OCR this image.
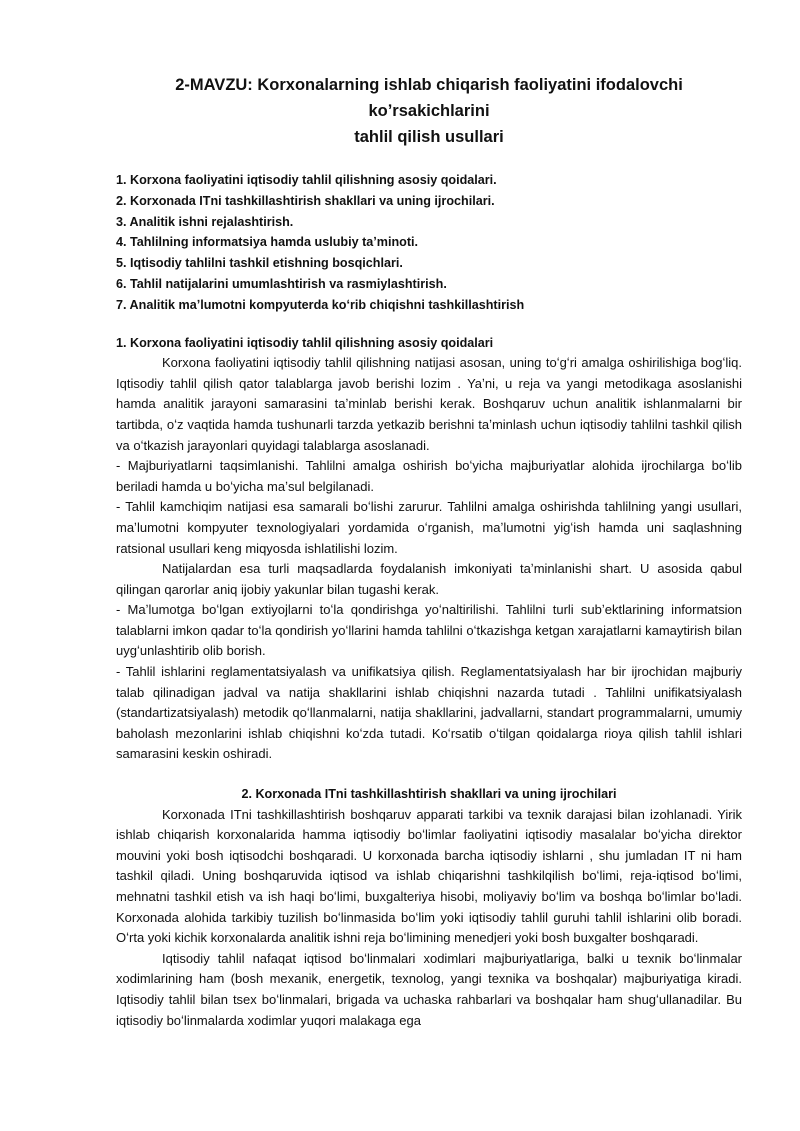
2-MAVZU: Korxonalarning ishlab chiqarish faoliyatini ifodalovchi koʼrsakichlarini
tahlil qilish usullari
1. Korxona faoliyatini iqtisodiy tahlil qilishning asosiy qoidalari.
2. Korxonada ITni tashkillashtirish shakllari va uning ijrochilari.
3. Analitik ishni rejalashtirish.
4. Tahlilning informatsiya hamda uslubiy taʼminoti.
5. Iqtisodiy tahlilni tashkil etishning bosqichlari.
6. Tahlil natijalarini umumlashtirish va rasmiylashtirish.
7. Analitik maʼlumotni kompyuterda koʻrib chiqishni tashkillashtirish
1. Korxona faoliyatini iqtisodiy tahlil qilishning asosiy qoidalari

Korxona faoliyatini iqtisodiy tahlil qilishning natijasi asosan, uning toʻgʻri amalga oshirilishiga bogʻliq. Iqtisodiy tahlil qilish qator talablarga javob berishi lozim . Yaʼni, u reja va yangi metodikaga asoslanishi hamda analitik jarayoni samarasini taʼminlab berishi kerak. Boshqaruv uchun analitik ishlanmalarni bir tartibda, oʻz vaqtida hamda tushunarli tarzda yetkazib berishni taʼminlash uchun iqtisodiy tahlilni tashkil qilish va oʻtkazish jarayonlari quyidagi talablarga asoslanadi.

- Majburiyatlarni taqsimlanishi. Tahlilni amalga oshirish boʻyicha majburiyatlar alohida ijrochilarga boʻlib beriladi hamda u boʻyicha maʼsul belgilanadi.

- Tahlil kamchiqim natijasi esa samarali boʻlishi zarurur. Tahlilni amalga oshirishda tahlilning yangi usullari, maʼlumotni kompyuter texnologiyalari yordamida oʻrganish, maʼlumotni yigʻish hamda uni saqlashning ratsional usullari keng miqyosda ishlatilishi lozim.

Natijalardan esa turli maqsadlarda foydalanish imkoniyati taʼminlanishi shart. U asosida qabul qilingan qarorlar aniq ijobiy yakunlar bilan tugashi kerak.

- Maʼlumotga boʻlgan extiyojlarni toʻla qondirishga yoʻnaltirilishi. Tahlilni turli subʼektlarining informatsion talablarni imkon qadar toʻla qondirish yoʻllarini hamda tahlilni oʻtkazishga ketgan xarajatlarni kamaytirish bilan uygʻunlashtirib olib borish.

- Tahlil ishlarini reglamentatsiyalash va unifikatsiya qilish. Reglamentatsiyalash har bir ijrochidan majburiy talab qilinadigan jadval va natija shakllarini ishlab chiqishni nazarda tutadi . Tahlilni unifikatsiyalash (standartizatsiyalash) metodik qoʻllanmalarni, natija shakllarini, jadvallarni, standart programmalarni, umumiy baholash mezonlarini ishlab chiqishni koʻzda tutadi. Koʻrsatib oʻtilgan qoidalarga rioya qilish tahlil ishlari samarasini keskin oshiradi.

2. Korxonada ITni tashkillashtirish shakllari va uning ijrochilari

Korxonada ITni tashkillashtirish boshqaruv apparati tarkibi va texnik darajasi bilan izohlanadi. Yirik ishlab chiqarish korxonalarida hamma iqtisodiy boʻlimlar faoliyatini iqtisodiy masalalar boʻyicha direktor mouvini yoki bosh iqtisodchi boshqaradi. U korxonada barcha iqtisodiy ishlarni , shu jumladan IT ni ham tashkil qiladi. Uning boshqaruvida iqtisod va ishlab chiqarishni tashkilqilish boʻlimi, reja-iqtisod boʻlimi, mehnatni tashkil etish va ish haqi boʻlimi, buxgalteriya hisobi, moliyaviy boʻlim va boshqa boʻlimlar boʻladi. Korxonada alohida tarkibiy tuzilish boʻlinmasida boʻlim yoki iqtisodiy tahlil guruhi tahlil ishlarini olib boradi. Oʻrta yoki kichik korxonalarda analitik ishni reja boʻlimining menedjeri yoki bosh buxgalter boshqaradi.

Iqtisodiy tahlil nafaqat iqtisod boʻlinmalari xodimlari majburiyatlariga, balki u texnik boʻlinmalar xodimlarining ham (bosh mexanik, energetik, texnolog, yangi texnika va boshqalar) majburiyatiga kiradi. Iqtisodiy tahlil bilan tsex boʻlinmalari, brigada va uchaska rahbarlari va boshqalar ham shugʻullanadilar. Bu iqtisodiy boʻlinmalarda xodimlar yuqori malakaga ega
